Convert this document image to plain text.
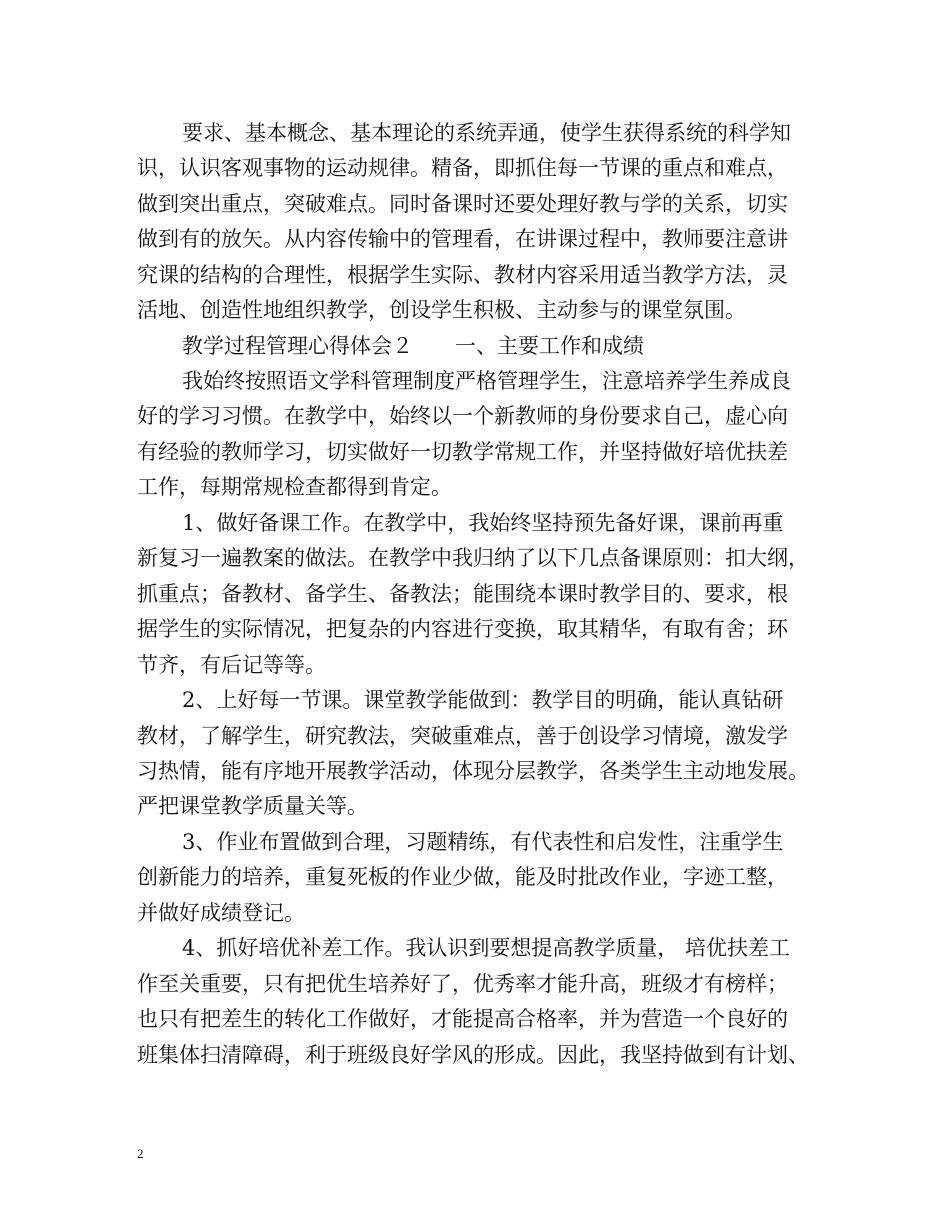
要求、基本概念、基本理论的系统弄通，使学生获得系统的科学知
识，认识客观事物的运动规律。精备，即抓住每一节课的重点和难点，
做到突出重点，突破难点。同时备课时还要处理好教与学的关系，切实
做到有的放矢。从内容传输中的管理看，在讲课过程中，教师要注意讲
究课的结构的合理性，根据学生实际、教材内容采用适当教学方法，灵
活地、创造性地组织教学，创设学生积极、主动参与的课堂氛围。
教学过程管理心得体会２　　一、主要工作和成绩
我始终按照语文学科管理制度严格管理学生，注意培养学生养成良
好的学习习惯。在教学中，始终以一个新教师的身份要求自己，虚心向
有经验的教师学习，切实做好一切教学常规工作，并坚持做好培优扶差
工作，每期常规检查都得到肯定。
1、做好备课工作。在教学中，我始终坚持预先备好课，课前再重
新复习一遍教案的做法。在教学中我归纳了以下几点备课原则：扣大纲，
抓重点；备教材、备学生、备教法；能围绕本课时教学目的、要求，根
据学生的实际情况，把复杂的内容进行变换，取其精华，有取有舍；环
节齐，有后记等等。
2、上好每一节课。课堂教学能做到：教学目的明确，能认真钻研
教材，了解学生，研究教法，突破重难点，善于创设学习情境，激发学
习热情，能有序地开展教学活动，体现分层教学，各类学生主动地发展。
严把课堂教学质量关等。
3、作业布置做到合理，习题精练，有代表性和启发性，注重学生
创新能力的培养，重复死板的作业少做，能及时批改作业，字迹工整，
并做好成绩登记。
4、抓好培优补差工作。我认识到要想提高教学质量， 培优扶差工
作至关重要，只有把优生培养好了，优秀率才能升高，班级才有榜样；
也只有把差生的转化工作做好，才能提高合格率，并为营造一个良好的
班集体扫清障碍，利于班级良好学风的形成。因此，我坚持做到有计划、
2
